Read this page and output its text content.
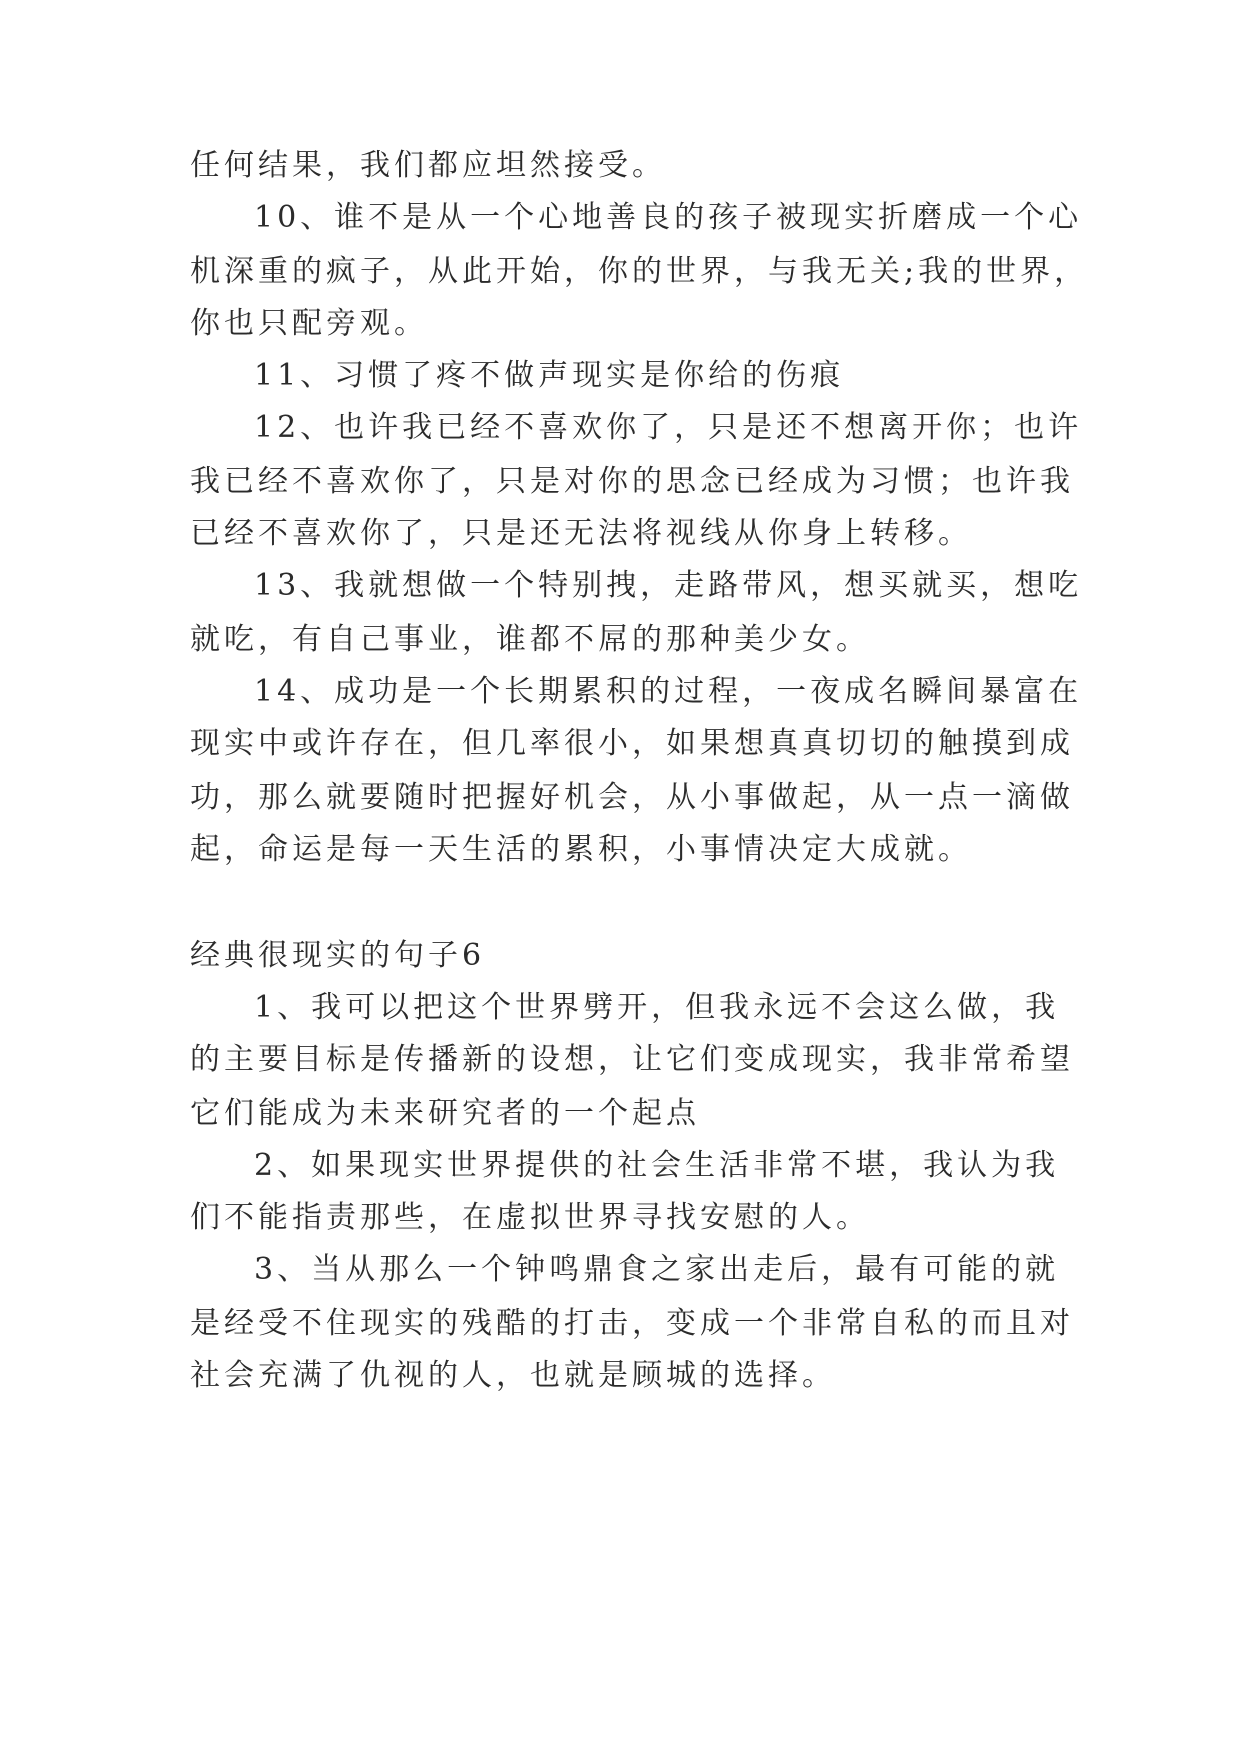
任何结果，我们都应坦然接受。
10、谁不是从一个心地善良的孩子被现实折磨成一个心
机深重的疯子，从此开始，你的世界，与我无关;我的世界，
你也只配旁观。
11、习惯了疼不做声现实是你给的伤痕
12、也许我已经不喜欢你了，只是还不想离开你；也许
我已经不喜欢你了，只是对你的思念已经成为习惯；也许我
已经不喜欢你了，只是还无法将视线从你身上转移。
13、我就想做一个特别拽，走路带风，想买就买，想吃
就吃，有自己事业，谁都不屌的那种美少女。
14、成功是一个长期累积的过程，一夜成名瞬间暴富在
现实中或许存在，但几率很小，如果想真真切切的触摸到成
功，那么就要随时把握好机会，从小事做起，从一点一滴做
起，命运是每一天生活的累积，小事情决定大成就。
经典很现实的句子6
1、我可以把这个世界劈开，但我永远不会这么做，我
的主要目标是传播新的设想，让它们变成现实，我非常希望
它们能成为未来研究者的一个起点
2、如果现实世界提供的社会生活非常不堪，我认为我
们不能指责那些，在虚拟世界寻找安慰的人。
3、当从那么一个钟鸣鼎食之家出走后，最有可能的就
是经受不住现实的残酷的打击，变成一个非常自私的而且对
社会充满了仇视的人，也就是顾城的选择。
